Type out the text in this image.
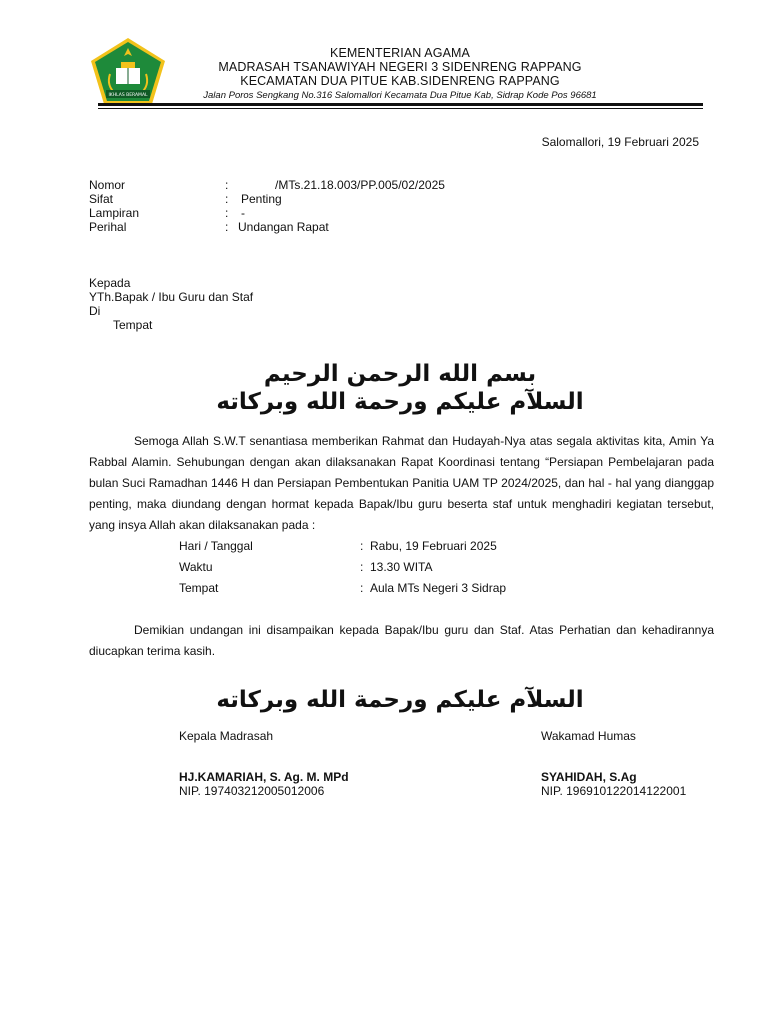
IKHLAS BERAMAL
KEMENTERIAN AGAMA
MADRASAH TSANAWIYAH NEGERI 3 SIDENRENG RAPPANG
KECAMATAN DUA PITUE KAB.SIDENRENG RAPPANG
Jalan Poros Sengkang No.316 Salomallori Kecamata Dua Pitue Kab, Sidrap Kode Pos 96681
Salomallori, 19 Februari 2025
Nomor	:	/MTs.21.18.003/PP.005/02/2025
Sifat	: Penting
Lampiran	: -
Perihal	: Undangan Rapat
Kepada
YTh.Bapak / Ibu Guru dan Staf
Di
Tempat
بسم الله الرحمن الرحيم
السلآم عليكم ورحمة الله وبركاته
Semoga Allah S.W.T senantiasa memberikan Rahmat dan Hudayah-Nya atas segala aktivitas kita, Amin Ya Rabbal Alamin. Sehubungan dengan akan dilaksanakan Rapat Koordinasi tentang “Persiapan Pembelajaran pada bulan Suci Ramadhan 1446 H dan Persiapan Pembentukan Panitia UAM TP 2024/2025, dan hal - hal yang dianggap penting, maka diundang dengan hormat kepada Bapak/Ibu guru beserta staf untuk menghadiri kegiatan tersebut, yang insya Allah akan dilaksanakan pada :
Hari / Tanggal	: Rabu, 19 Februari 2025
Waktu	: 13.30 WITA
Tempat	: Aula MTs Negeri 3 Sidrap
Demikian undangan ini disampaikan kepada Bapak/Ibu guru dan Staf. Atas Perhatian dan kehadirannya diucapkan terima kasih.
السلآم عليكم ورحمة الله وبركاته
Kepala Madrasah
HJ.KAMARIAH, S. Ag. M. MPd
NIP. 197403212005012006
Wakamad Humas
SYAHIDAH, S.Ag
NIP. 196910122014122001
